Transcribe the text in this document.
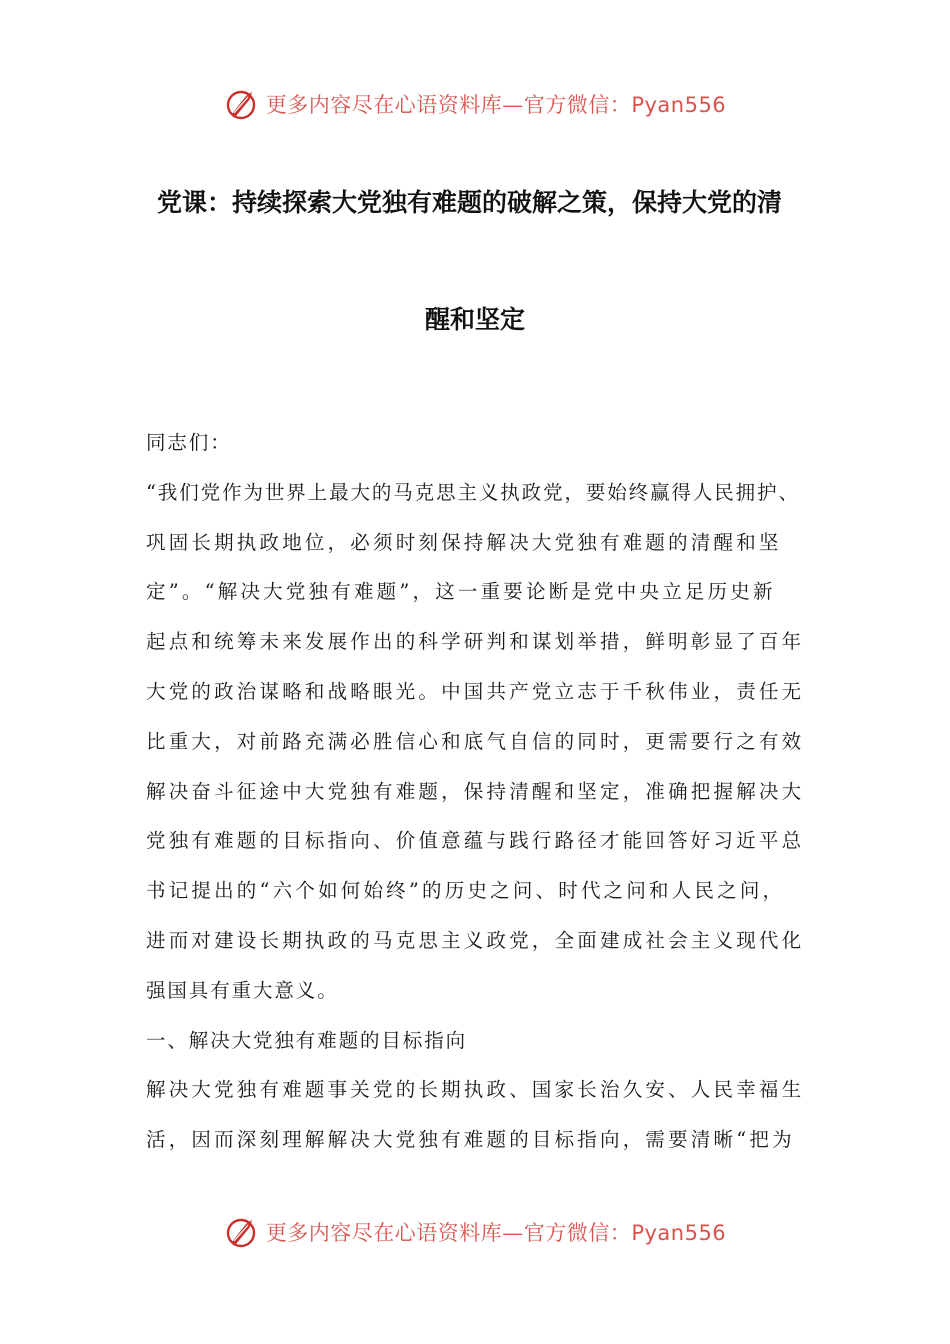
更多内容尽在心语资料库—官方微信：Pyan556
党课：持续探索大党独有难题的破解之策，保持大党的清
醒和坚定
同志们：
“我们党作为世界上最大的马克思主义执政党，要始终赢得人民拥护、
巩固长期执政地位，必须时刻保持解决大党独有难题的清醒和坚
定”。“解决大党独有难题”，这一重要论断是党中央立足历史新
起点和统筹未来发展作出的科学研判和谋划举措，鲜明彰显了百年
大党的政治谋略和战略眼光。中国共产党立志于千秋伟业，责任无
比重大，对前路充满必胜信心和底气自信的同时，更需要行之有效
解决奋斗征途中大党独有难题，保持清醒和坚定，准确把握解决大
党独有难题的目标指向、价值意蕴与践行路径才能回答好习近平总
书记提出的“六个如何始终”的历史之问、时代之问和人民之问，
进而对建设长期执政的马克思主义政党，全面建成社会主义现代化
强国具有重大意义。
一、解决大党独有难题的目标指向
解决大党独有难题事关党的长期执政、国家长治久安、人民幸福生
活，因而深刻理解解决大党独有难题的目标指向，需要清晰“把为
更多内容尽在心语资料库—官方微信：Pyan556
